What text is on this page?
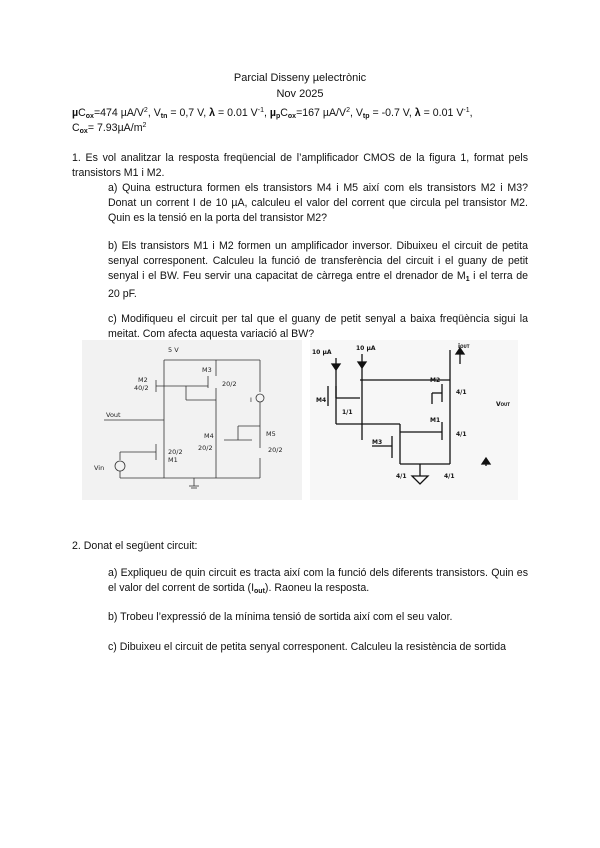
Parcial Disseny µelectrònic
Nov 2025
µC$_{ox}$=474 $\mu A/V^2$, $V_{tn} = 0,7$ V, λ = 0.01 $V^{-1}$, $\mu_pC_{ox}=167$ $\mu A/V^2$, $V_{tp} = -0.7$ V, λ = 0.01 $V^{-1}$,
$C_{ox}= 7.93\mu A/m^2$
1. Es vol analitzar la resposta freqüencial de l’amplificador CMOS de la figura 1, format pels transistors M1 i M2.
a) Quina estructura formen els transistors M4 i M5 així com els transistors M2 i M3? Donat un corrent I de 10 µA, calculeu el valor del corrent que circula pel transistor M2. Quin es la tensió en la porta del transistor M2?
b) Els transistors M1 i M2 formen un amplificador inversor. Dibuixeu el circuit de petita senyal corresponent. Calculeu la funció de transferència del circuit i el guany de petit senyal i el BW. Feu servir una capacitat de càrrega entre el drenador de $M_1$ i el terra de 20 pF.
c) Modifiqueu el circuit per tal que el guany de petit senyal a baixa freqüència sigui la meitat. Com afecta aquesta variació al BW?
5 V
M2
40/2
M3
20/2
I
M4
20/2
M5
20/2
20/2
M1
Vout
Vin
10 µA
10 µA	iOUT
M4
1/1
M2
4/1
VOUT
M1
4/1
M3
4/1	4/1
2. Donat el següent circuit:
a) Expliqueu de quin circuit es tracta així com la funció dels diferents transistors. Quin es el valor del corrent de sortida $(I_{out})$. Raoneu la resposta.
b) Trobeu l’expressió de la mínima tensió de sortida així com el seu valor.
c) Dibuixeu el circuit de petita senyal corresponent. Calculeu la resistència de sortida
